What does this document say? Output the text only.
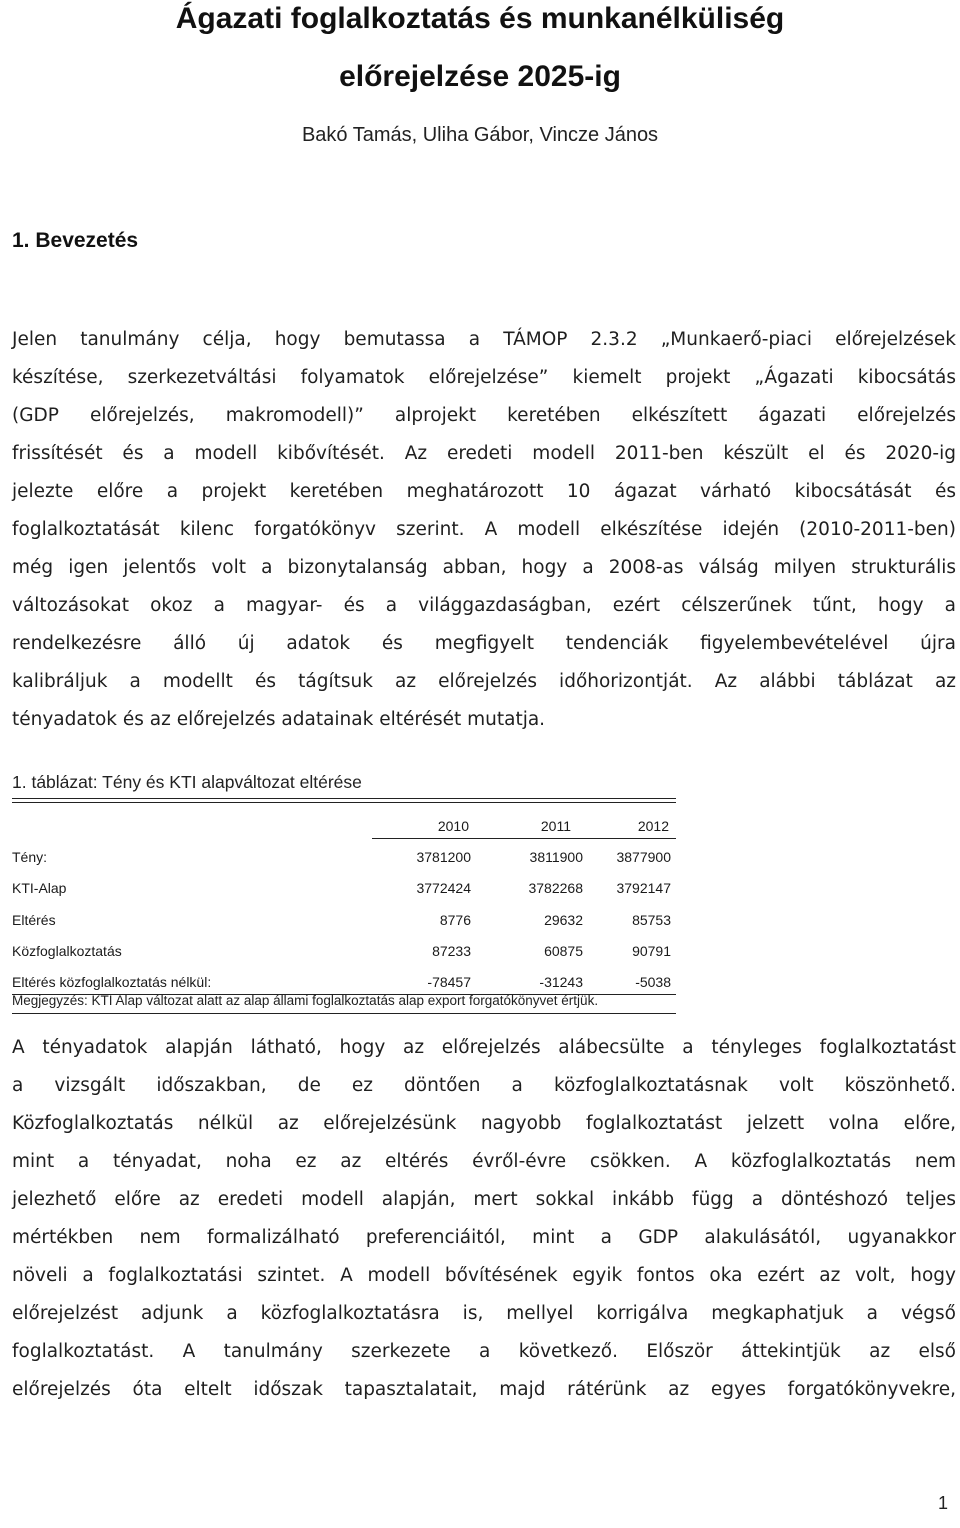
Ágazati foglalkoztatás és munkanélküliség
előrejelzése 2025-ig
Bakó Tamás, Uliha Gábor, Vincze János
1. Bevezetés
Jelen tanulmány célja, hogy bemutassa a TÁMOP 2.3.2 „Munkaerő-piaci előrejelzések
készítése, szerkezetváltási folyamatok előrejelzése” kiemelt projekt „Ágazati kibocsátás
(GDP előrejelzés, makromodell)” alprojekt keretében elkészített ágazati előrejelzés
frissítését és a modell kibővítését. Az eredeti modell 2011-ben készült el és 2020-ig
jelezte előre a projekt keretében meghatározott 10 ágazat várható kibocsátását és
foglalkoztatását kilenc forgatókönyv szerint. A modell elkészítése idején (2010-2011-ben)
még igen jelentős volt a bizonytalanság abban, hogy a 2008-as válság milyen strukturális
változásokat okoz a magyar- és a világgazdaságban, ezért célszerűnek tűnt, hogy a
rendelkezésre álló új adatok és megfigyelt tendenciák figyelembevételével újra
kalibráljuk a modellt és tágítsuk az előrejelzés időhorizontját. Az alábbi táblázat az
tényadatok és az előrejelzés adatainak eltérését mutatja.
1. táblázat: Tény és KTI alapváltozat eltérése
2010	2011	2012
Tény:	3781200	3811900	3877900
KTI-Alap	3772424	3782268	3792147
Eltérés	8776	29632	85753
Közfoglalkoztatás	87233	60875	90791
Eltérés közfoglalkoztatás nélkül:	-78457	-31243	-5038
Megjegyzés: KTI Alap változat alatt az alap állami foglalkoztatás alap export forgatókönyvet értjük.
A tényadatok alapján látható, hogy az előrejelzés alábecsülte a tényleges foglalkoztatást
a vizsgált időszakban, de ez döntően a közfoglalkoztatásnak volt köszönhető.
Közfoglalkoztatás nélkül az előrejelzésünk nagyobb foglalkoztatást jelzett volna előre,
mint a tényadat, noha ez az eltérés évről-évre csökken. A közfoglalkoztatás nem
jelezhető előre az eredeti modell alapján, mert sokkal inkább függ a döntéshozó teljes
mértékben nem formalizálható preferenciáitól, mint a GDP alakulásától, ugyanakkor
növeli a foglalkoztatási szintet. A modell bővítésének egyik fontos oka ezért az volt, hogy
előrejelzést adjunk a közfoglalkoztatásra is, mellyel korrigálva megkaphatjuk a végső
foglalkoztatást. A tanulmány szerkezete a következő. Először áttekintjük az első
előrejelzés óta eltelt időszak tapasztalatait, majd rátérünk az egyes forgatókönyvekre,
1
